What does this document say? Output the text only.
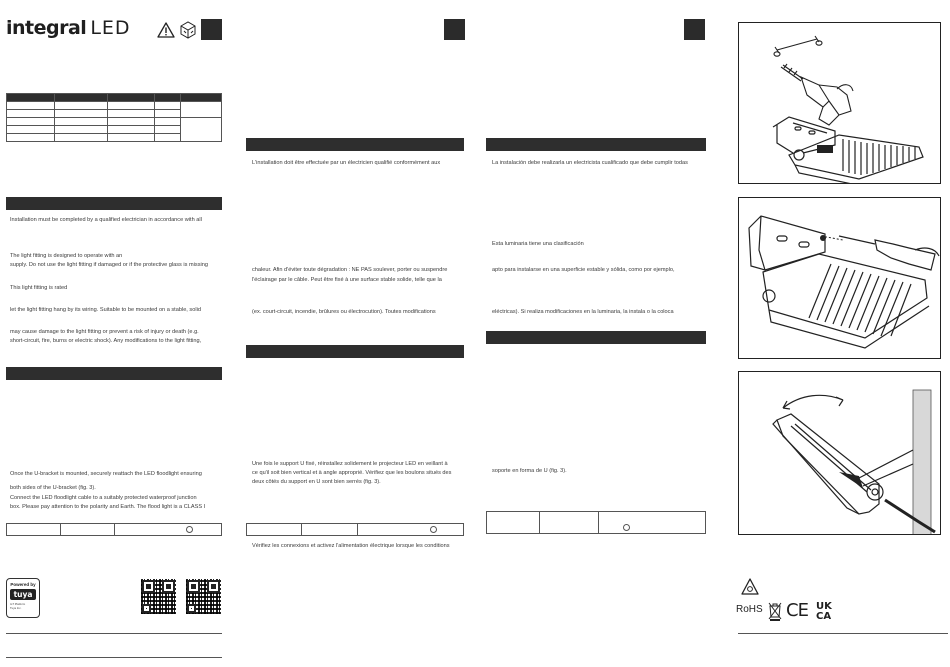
integral LED

Installation must be completed by a qualified electrician in accordance with all
The light fitting is designed to operate with an
supply. Do not use the light fitting if damaged or if the protective glass is missing
This light fitting is rated
let the light fitting hang by its wiring. Suitable to be mounted on a stable, solid
may cause damage to the light fitting or prevent a risk of injury or death (e.g.
short-circuit, fire, burns or electric shock). Any modifications to the light fitting,
Once the U-bracket is mounted, securely reattach the LED floodlight ensuring
both sides of the U-bracket (fig. 3).
Connect the LED floodlight cable to a suitably protected waterproof junction
box. Please pay attention to the polarity and Earth. The flood light is a CLASS I
Powered by
tuya
IoT Platform
Tuya Inc.
L'installation doit être effectuée par un électricien qualifié conformément aux
chaleur. Afin d'éviter toute dégradation : NE PAS soulever, porter ou suspendre
l'éclairage par le câble. Peut être fixé à une surface stable solide, telle que la
(ex. court-circuit, incendie, brûlures ou électrocution). Toutes modifications
Une fois le support U fixé, réinstallez solidement le projecteur LED en veillant à
ce qu'il soit bien vertical et à angle approprié. Vérifiez que les boulons situés des
deux côtés du support en U sont bien serrés (fig. 3).
Vérifiez les connexions et activez l'alimentation électrique lorsque les conditions
La instalación debe realizarla un electricista cualificado que debe cumplir todas
Esta luminaria tiene una clasificación
apto para instalarse en una superficie estable y sólida, como por ejemplo,
eléctricas). Si realiza modificaciones en la luminaria, la instala o la coloca
soporte en forma de U (fig. 3).
RoHS CE UK
CA
